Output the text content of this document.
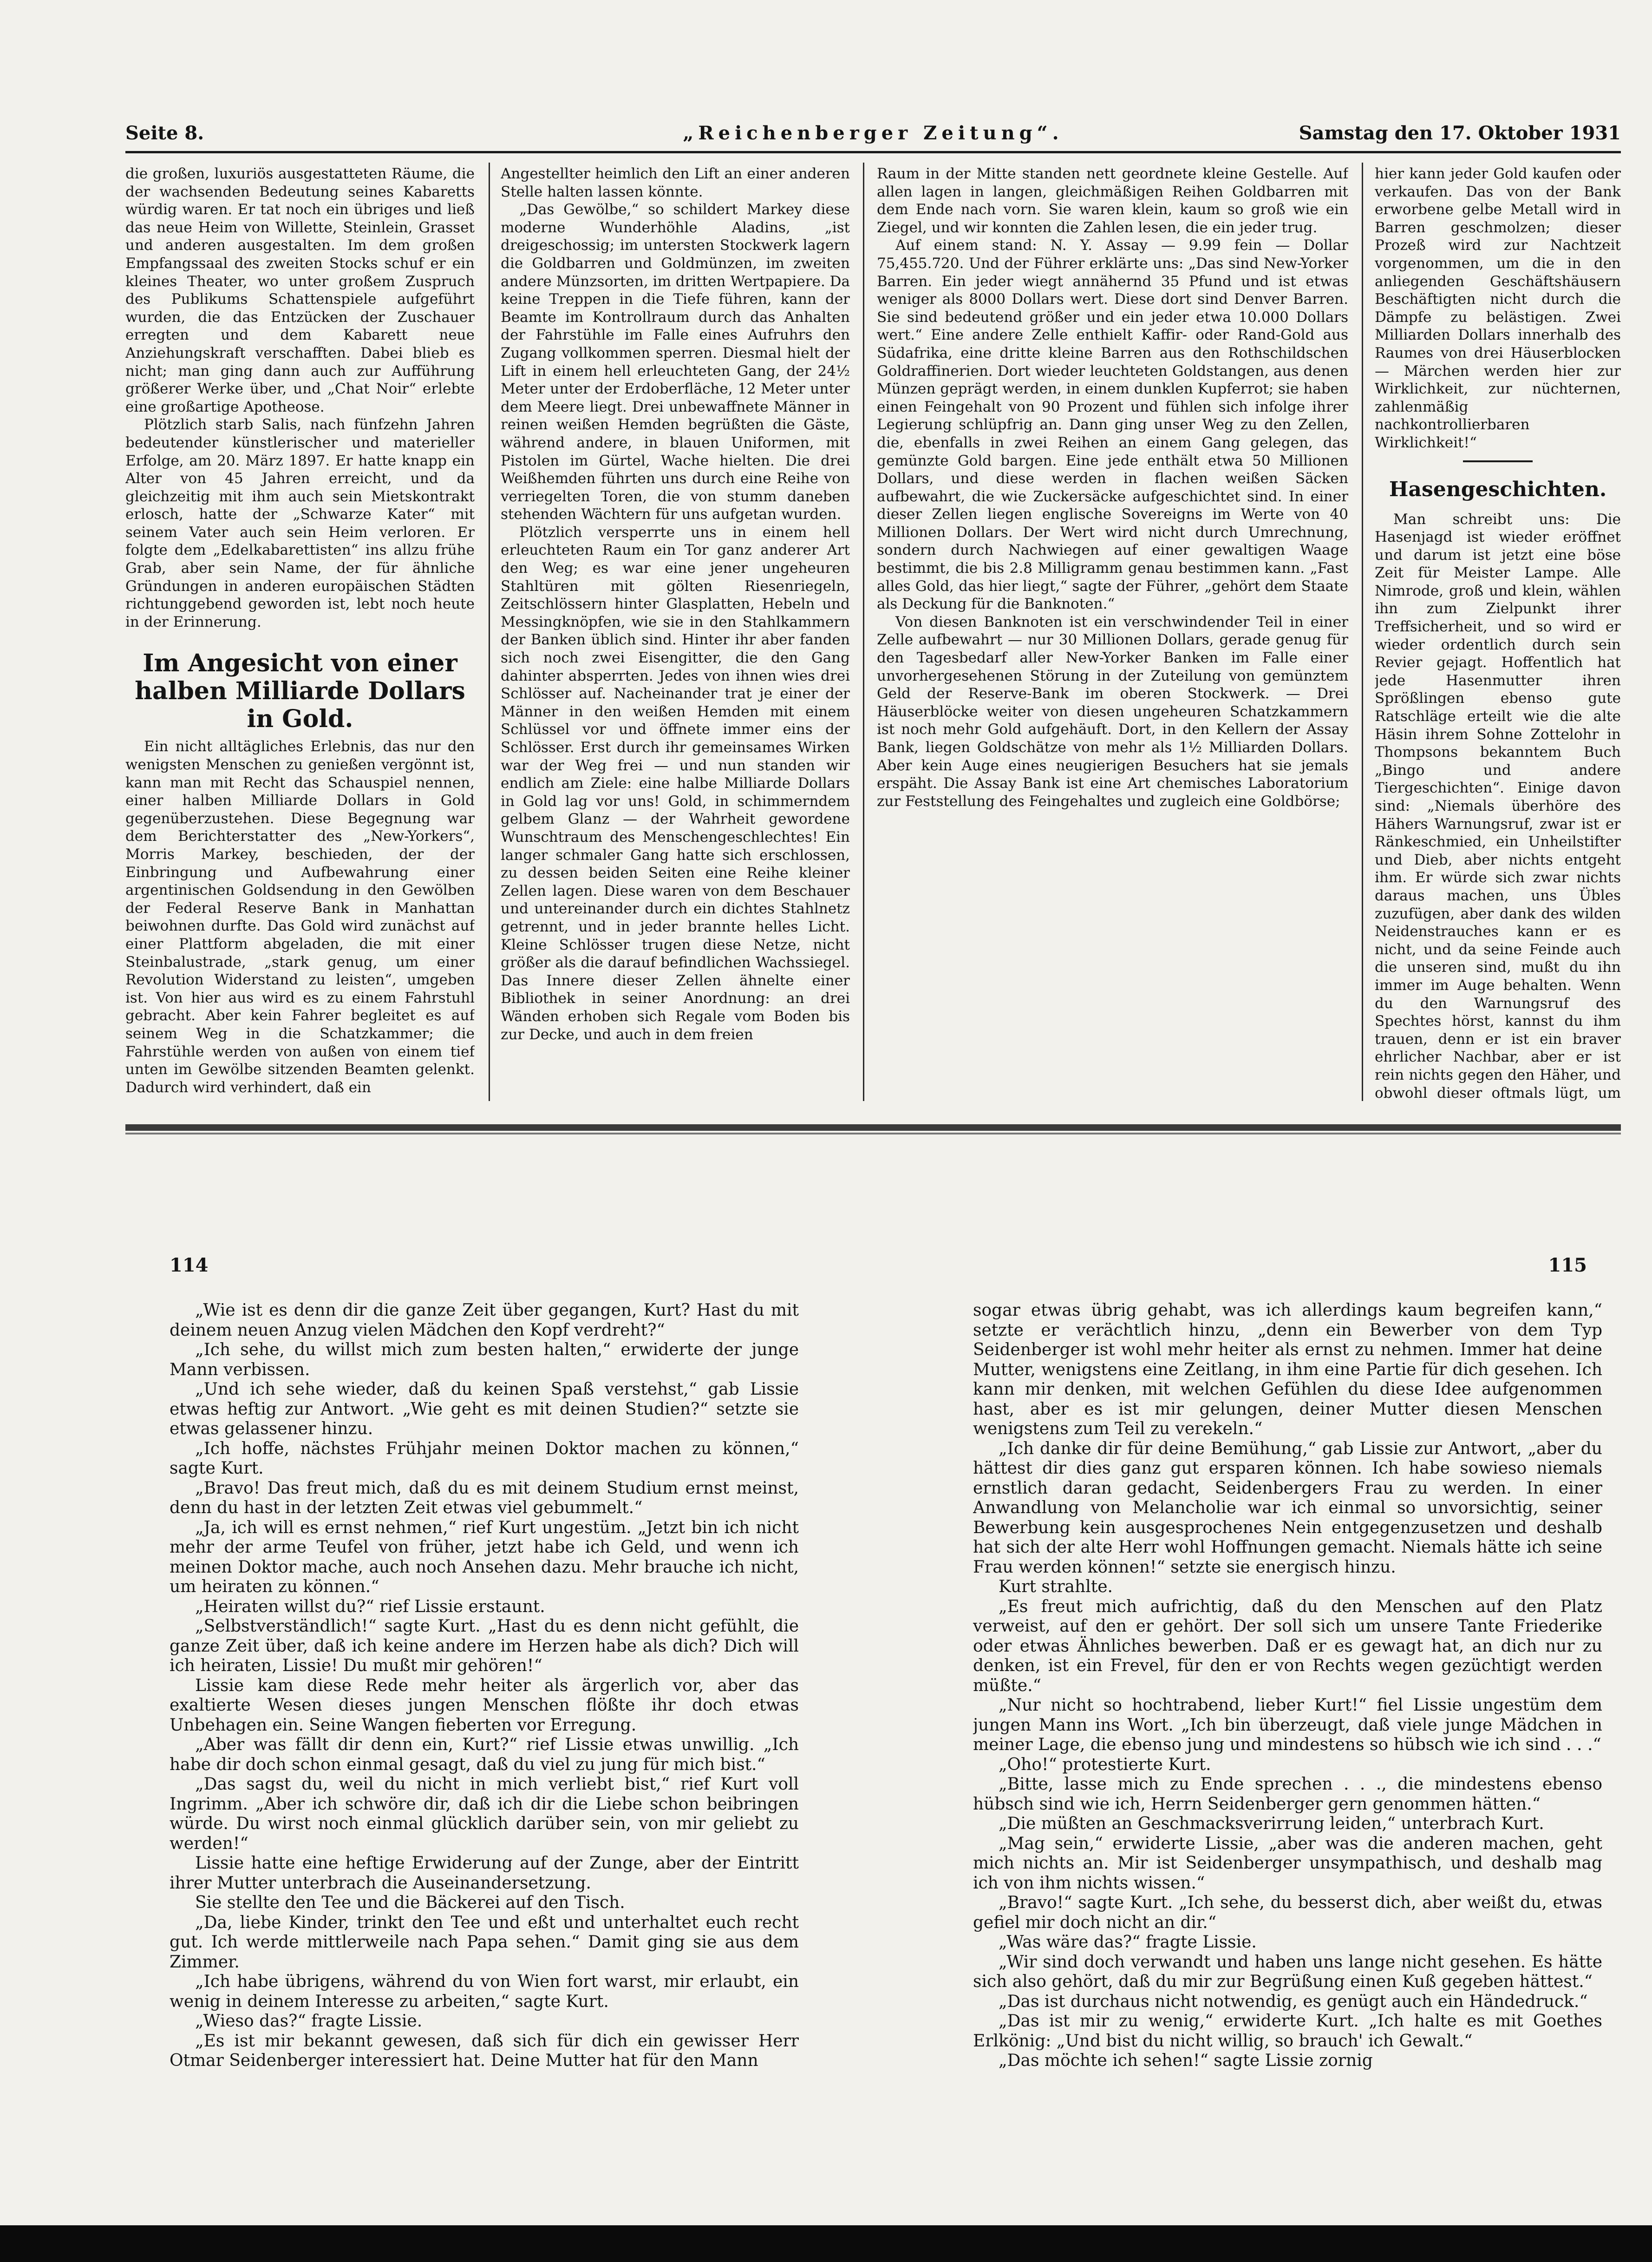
Seite 8.	„Reichenberger Zeitung“.	Samstag den 17. Oktober 1931

die großen, luxuriös ausgestatteten Räume, die der wachsenden Bedeutung seines Kabaretts würdig waren. Er tat noch ein übriges und ließ das neue Heim von Willette, Steinlein, Grasset und anderen ausgestalten. Im dem großen Empfangssaal des zweiten Stocks schuf er ein kleines Theater, wo unter großem Zuspruch des Publikums Schattenspiele aufgeführt wurden, die das Entzücken der Zuschauer erregten und dem Kabarett neue Anziehungskraft verschafften. Dabei blieb es nicht; man ging dann auch zur Aufführung größerer Werke über, und „Chat Noir“ erlebte eine großartige Apotheose.

Plötzlich starb Salis, nach fünfzehn Jahren bedeutender künstlerischer und materieller Erfolge, am 20. März 1897. Er hatte knapp ein Alter von 45 Jahren erreicht, und da gleichzeitig mit ihm auch sein Mietskontrakt erlosch, hatte der „Schwarze Kater“ mit seinem Vater auch sein Heim verloren. Er folgte dem „Edelkabarettisten“ ins allzu frühe Grab, aber sein Name, der für ähnliche Gründungen in anderen europäischen Städten richtunggebend geworden ist, lebt noch heute in der Erinnerung.

Im Angesicht von einer halben Milliarde Dollars in Gold.

Ein nicht alltägliches Erlebnis, das nur den wenigsten Menschen zu genießen vergönnt ist, kann man mit Recht das Schauspiel nennen, einer halben Milliarde Dollars in Gold gegenüberzustehen. Diese Begegnung war dem Berichterstatter des „New-Yorkers“, Morris Markey, beschieden, der der Einbringung und Aufbewahrung einer argentinischen Goldsendung in den Gewölben der Federal Reserve Bank in Manhattan beiwohnen durfte. Das Gold wird zunächst auf einer Plattform abgeladen, die mit einer Steinbalustrade, „stark genug, um einer Revolution Widerstand zu leisten“, umgeben ist. Von hier aus wird es zu einem Fahrstuhl gebracht. Aber kein Fahrer begleitet es auf seinem Weg in die Schatzkammer; die Fahrstühle werden von außen von einem tief unten im Gewölbe sitzenden Beamten gelenkt. Dadurch wird verhindert, daß ein

Angestellter heimlich den Lift an einer anderen Stelle halten lassen könnte.

„Das Gewölbe,“ so schildert Markey diese moderne Wunderhöhle Aladins, „ist dreigeschossig; im untersten Stockwerk lagern die Goldbarren und Goldmünzen, im zweiten andere Münzsorten, im dritten Wertpapiere. Da keine Treppen in die Tiefe führen, kann der Beamte im Kontrollraum durch das Anhalten der Fahrstühle im Falle eines Aufruhrs den Zugang vollkommen sperren. Diesmal hielt der Lift in einem hell erleuchteten Gang, der 24½ Meter unter der Erdoberfläche, 12 Meter unter dem Meere liegt. Drei unbewaffnete Männer in reinen weißen Hemden begrüßten die Gäste, während andere, in blauen Uniformen, mit Pistolen im Gürtel, Wache hielten. Die drei Weißhemden führten uns durch eine Reihe von verriegelten Toren, die von stumm daneben stehenden Wächtern für uns aufgetan wurden.

Plötzlich versperrte uns in einem hell erleuchteten Raum ein Tor ganz anderer Art den Weg; es war eine jener ungeheuren Stahltüren mit gölten Riesenriegeln, Zeitschlössern hinter Glasplatten, Hebeln und Messingknöpfen, wie sie in den Stahlkammern der Banken üblich sind. Hinter ihr aber fanden sich noch zwei Eisengitter, die den Gang dahinter absperrten. Jedes von ihnen wies drei Schlösser auf. Nacheinander trat je einer der Männer in den weißen Hemden mit einem Schlüssel vor und öffnete immer eins der Schlösser. Erst durch ihr gemeinsames Wirken war der Weg frei — und nun standen wir endlich am Ziele: eine halbe Milliarde Dollars in Gold lag vor uns! Gold, in schimmerndem gelbem Glanz — der Wahrheit gewordene Wunschtraum des Menschengeschlechtes! Ein langer schmaler Gang hatte sich erschlossen, zu dessen beiden Seiten eine Reihe kleiner Zellen lagen. Diese waren von dem Beschauer und untereinander durch ein dichtes Stahlnetz getrennt, und in jeder brannte helles Licht. Kleine Schlösser trugen diese Netze, nicht größer als die darauf befindlichen Wachssiegel. Das Innere dieser Zellen ähnelte einer Bibliothek in seiner Anordnung: an drei Wänden erhoben sich Regale vom Boden bis zur Decke, und auch in dem freien

Raum in der Mitte standen nett geordnete kleine Gestelle. Auf allen lagen in langen, gleichmäßigen Reihen Goldbarren mit dem Ende nach vorn. Sie waren klein, kaum so groß wie ein Ziegel, und wir konnten die Zahlen lesen, die ein jeder trug.

Auf einem stand: N. Y. Assay — 9.99 fein — Dollar 75,455.720. Und der Führer erklärte uns: „Das sind New-Yorker Barren. Ein jeder wiegt annähernd 35 Pfund und ist etwas weniger als 8000 Dollars wert. Diese dort sind Denver Barren. Sie sind bedeutend größer und ein jeder etwa 10.000 Dollars wert.“ Eine andere Zelle enthielt Kaffir- oder Rand-Gold aus Südafrika, eine dritte kleine Barren aus den Rothschildschen Goldraffinerien. Dort wieder leuchteten Goldstangen, aus denen Münzen geprägt werden, in einem dunklen Kupferrot; sie haben einen Feingehalt von 90 Prozent und fühlen sich infolge ihrer Legierung schlüpfrig an. Dann ging unser Weg zu den Zellen, die, ebenfalls in zwei Reihen an einem Gang gelegen, das gemünzte Gold bargen. Eine jede enthält etwa 50 Millionen Dollars, und diese werden in flachen weißen Säcken aufbewahrt, die wie Zuckersäcke aufgeschichtet sind. In einer dieser Zellen liegen englische Sovereigns im Werte von 40 Millionen Dollars. Der Wert wird nicht durch Umrechnung, sondern durch Nachwiegen auf einer gewaltigen Waage bestimmt, die bis 2.8 Milligramm genau bestimmen kann. „Fast alles Gold, das hier liegt,“ sagte der Führer, „gehört dem Staate als Deckung für die Banknoten.“

Von diesen Banknoten ist ein verschwindender Teil in einer Zelle aufbewahrt — nur 30 Millionen Dollars, gerade genug für den Tagesbedarf aller New-Yorker Banken im Falle einer unvorhergesehenen Störung in der Zuteilung von gemünztem Geld der Reserve-Bank im oberen Stockwerk. — Drei Häuserblöcke weiter von diesen ungeheuren Schatzkammern ist noch mehr Gold aufgehäuft. Dort, in den Kellern der Assay Bank, liegen Goldschätze von mehr als 1½ Milliarden Dollars. Aber kein Auge eines neugierigen Besuchers hat sie jemals erspäht. Die Assay Bank ist eine Art chemisches Laboratorium zur Feststellung des Feingehaltes und zugleich eine Goldbörse;

hier kann jeder Gold kaufen oder verkaufen. Das von der Bank erworbene gelbe Metall wird in Barren geschmolzen; dieser Prozeß wird zur Nachtzeit vorgenommen, um die in den anliegenden Geschäftshäusern Beschäftigten nicht durch die Dämpfe zu belästigen. Zwei Milliarden Dollars innerhalb des Raumes von drei Häuserblocken — Märchen werden hier zur Wirklichkeit, zur nüchternen, zahlenmäßig nachkontrollierbaren Wirklichkeit!“

Hasengeschichten.

Man schreibt uns: Die Hasenjagd ist wieder eröffnet und darum ist jetzt eine böse Zeit für Meister Lampe. Alle Nimrode, groß und klein, wählen ihn zum Zielpunkt ihrer Treffsicherheit, und so wird er wieder ordentlich durch sein Revier gejagt. Hoffentlich hat jede Hasenmutter ihren Sprößlingen ebenso gute Ratschläge erteilt wie die alte Häsin ihrem Sohne Zottelohr in Thompsons bekanntem Buch „Bingo und andere Tiergeschichten“. Einige davon sind: „Niemals überhöre des Hähers Warnungsruf, zwar ist er Ränkeschmied, ein Unheilstifter und Dieb, aber nichts entgeht ihm. Er würde sich zwar nichts daraus machen, uns Übles zuzufügen, aber dank des wilden Neidenstrauches kann er es nicht, und da seine Feinde auch die unseren sind, mußt du ihn immer im Auge behalten. Wenn du den Warnungsruf des Spechtes hörst, kannst du ihm trauen, denn er ist ein braver ehrlicher Nachbar, aber er ist rein nichts gegen den Häher, und obwohl dieser oftmals lügt, um

114	115

„Wie ist es denn dir die ganze Zeit über gegangen, Kurt? Hast du mit deinem neuen Anzug vielen Mädchen den Kopf verdreht?“

„Ich sehe, du willst mich zum besten halten,“ erwiderte der junge Mann verbissen.

„Und ich sehe wieder, daß du keinen Spaß verstehst,“ gab Lissie etwas heftig zur Antwort. „Wie geht es mit deinen Studien?“ setzte sie etwas gelassener hinzu.

„Ich hoffe, nächstes Frühjahr meinen Doktor machen zu können,“ sagte Kurt.

„Bravo! Das freut mich, daß du es mit deinem Studium ernst meinst, denn du hast in der letzten Zeit etwas viel gebummelt.“

„Ja, ich will es ernst nehmen,“ rief Kurt ungestüm. „Jetzt bin ich nicht mehr der arme Teufel von früher, jetzt habe ich Geld, und wenn ich meinen Doktor mache, auch noch Ansehen dazu. Mehr brauche ich nicht, um heiraten zu können.“

„Heiraten willst du?“ rief Lissie erstaunt.

„Selbstverständlich!“ sagte Kurt. „Hast du es denn nicht gefühlt, die ganze Zeit über, daß ich keine andere im Herzen habe als dich? Dich will ich heiraten, Lissie! Du mußt mir gehören!“

Lissie kam diese Rede mehr heiter als ärgerlich vor, aber das exaltierte Wesen dieses jungen Menschen flößte ihr doch etwas Unbehagen ein. Seine Wangen fieberten vor Erregung.

„Aber was fällt dir denn ein, Kurt?“ rief Lissie etwas unwillig. „Ich habe dir doch schon einmal gesagt, daß du viel zu jung für mich bist.“

„Das sagst du, weil du nicht in mich verliebt bist,“ rief Kurt voll Ingrimm. „Aber ich schwöre dir, daß ich dir die Liebe schon beibringen würde. Du wirst noch einmal glücklich darüber sein, von mir geliebt zu werden!“

Lissie hatte eine heftige Erwiderung auf der Zunge, aber der Eintritt ihrer Mutter unterbrach die Auseinandersetzung.

Sie stellte den Tee und die Bäckerei auf den Tisch.

„Da, liebe Kinder, trinkt den Tee und eßt und unterhaltet euch recht gut. Ich werde mittlerweile nach Papa sehen.“ Damit ging sie aus dem Zimmer.

„Ich habe übrigens, während du von Wien fort warst, mir erlaubt, ein wenig in deinem Interesse zu arbeiten,“ sagte Kurt.

„Wieso das?“ fragte Lissie.

„Es ist mir bekannt gewesen, daß sich für dich ein gewisser Herr Otmar Seidenberger interessiert hat. Deine Mutter hat für den Mann

sogar etwas übrig gehabt, was ich allerdings kaum begreifen kann,“ setzte er verächtlich hinzu, „denn ein Bewerber von dem Typ Seidenberger ist wohl mehr heiter als ernst zu nehmen. Immer hat deine Mutter, wenigstens eine Zeitlang, in ihm eine Partie für dich gesehen. Ich kann mir denken, mit welchen Gefühlen du diese Idee aufgenommen hast, aber es ist mir gelungen, deiner Mutter diesen Menschen wenigstens zum Teil zu verekeln.“

„Ich danke dir für deine Bemühung,“ gab Lissie zur Antwort, „aber du hättest dir dies ganz gut ersparen können. Ich habe sowieso niemals ernstlich daran gedacht, Seidenbergers Frau zu werden. In einer Anwandlung von Melancholie war ich einmal so unvorsichtig, seiner Bewerbung kein ausgesprochenes Nein entgegenzusetzen und deshalb hat sich der alte Herr wohl Hoffnungen gemacht. Niemals hätte ich seine Frau werden können!“ setzte sie energisch hinzu.

Kurt strahlte.

„Es freut mich aufrichtig, daß du den Menschen auf den Platz verweist, auf den er gehört. Der soll sich um unsere Tante Friederike oder etwas Ähnliches bewerben. Daß er es gewagt hat, an dich nur zu denken, ist ein Frevel, für den er von Rechts wegen gezüchtigt werden müßte.“

„Nur nicht so hochtrabend, lieber Kurt!“ fiel Lissie ungestüm dem jungen Mann ins Wort. „Ich bin überzeugt, daß viele junge Mädchen in meiner Lage, die ebenso jung und mindestens so hübsch wie ich sind . . .“

„Oho!“ protestierte Kurt.

„Bitte, lasse mich zu Ende sprechen . . ., die mindestens ebenso hübsch sind wie ich, Herrn Seidenberger gern genommen hätten.“

„Die müßten an Geschmacksverirrung leiden,“ unterbrach Kurt.

„Mag sein,“ erwiderte Lissie, „aber was die anderen machen, geht mich nichts an. Mir ist Seidenberger unsympathisch, und deshalb mag ich von ihm nichts wissen.“

„Bravo!“ sagte Kurt. „Ich sehe, du besserst dich, aber weißt du, etwas gefiel mir doch nicht an dir.“

„Was wäre das?“ fragte Lissie.

„Wir sind doch verwandt und haben uns lange nicht gesehen. Es hätte sich also gehört, daß du mir zur Begrüßung einen Kuß gegeben hättest.“

„Das ist durchaus nicht notwendig, es genügt auch ein Händedruck.“

„Das ist mir zu wenig,“ erwiderte Kurt. „Ich halte es mit Goethes Erlkönig: „Und bist du nicht willig, so brauch' ich Gewalt.“

„Das möchte ich sehen!“ sagte Lissie zornig
